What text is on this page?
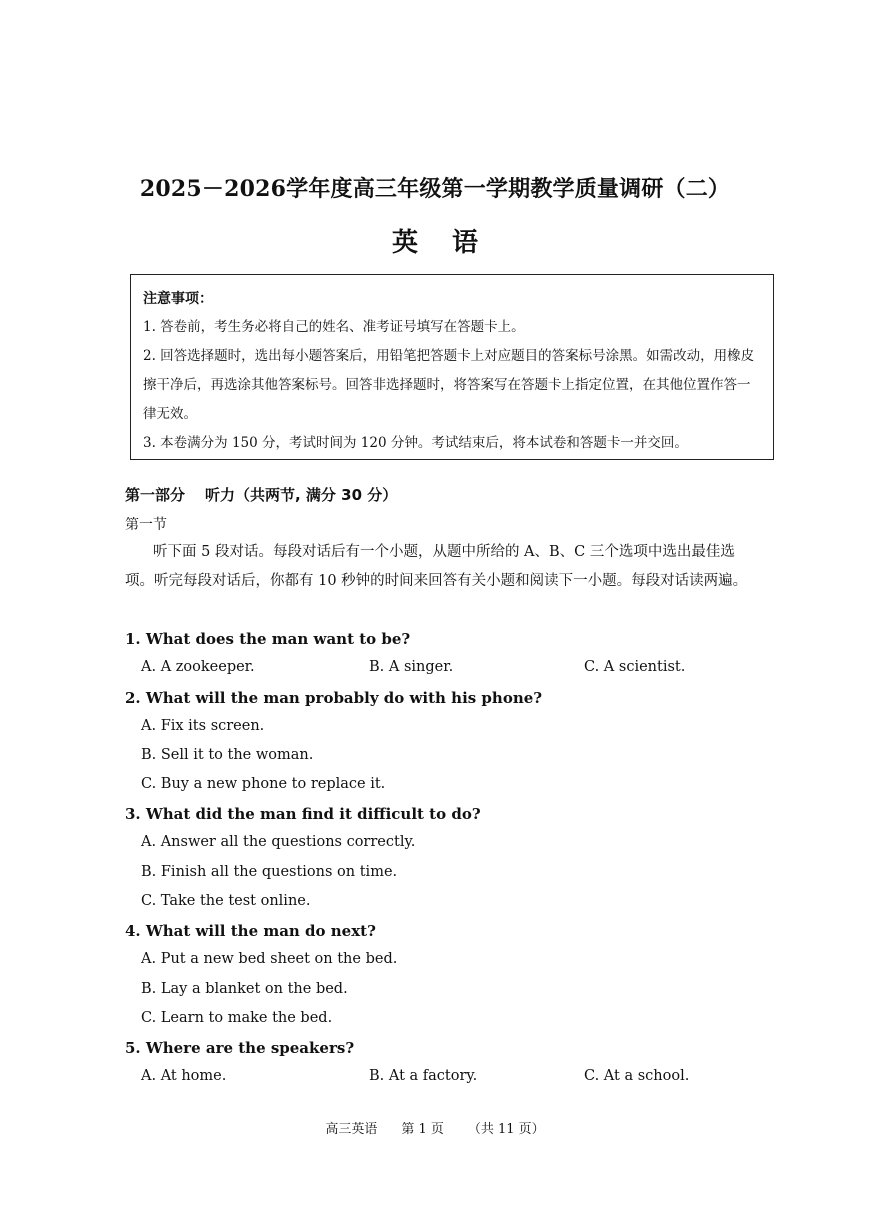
2025－2026学年度高三年级第一学期教学质量调研（二）
英语
注意事项：

1. 答卷前，考生务必将自己的姓名、准考证号填写在答题卡上。

2. 回答选择题时，选出每小题答案后，用铅笔把答题卡上对应题目的答案标号涂黑。如需改动，用橡皮擦干净后，再选涂其他答案标号。回答非选择题时，将答案写在答题卡上指定位置，在其他位置作答一律无效。

3. 本卷满分为 150 分，考试时间为 120 分钟。考试结束后，将本试卷和答题卡一并交回。

第一部分 听力（共两节, 满分 30 分）
第一节
听下面 5 段对话。每段对话后有一个小题，从题中所给的 A、B、C 三个选项中选出最佳选项。听完每段对话后，你都有 10 秒钟的时间来回答有关小题和阅读下一小题。每段对话读两遍。
1. What does the man want to be?
A. A zookeeper.	B. A singer.	C. A scientist.
2. What will the man probably do with his phone?
A. Fix its screen.
B. Sell it to the woman.
C. Buy a new phone to replace it.
3. What did the man find it difficult to do?
A. Answer all the questions correctly.
B. Finish all the questions on time.
C. Take the test online.
4. What will the man do next?
A. Put a new bed sheet on the bed.
B. Lay a blanket on the bed.
C. Learn to make the bed.
5. Where are the speakers?
A. At home.	B. At a factory.	C. At a school.
高三英语 第 1 页 （共 11 页）
